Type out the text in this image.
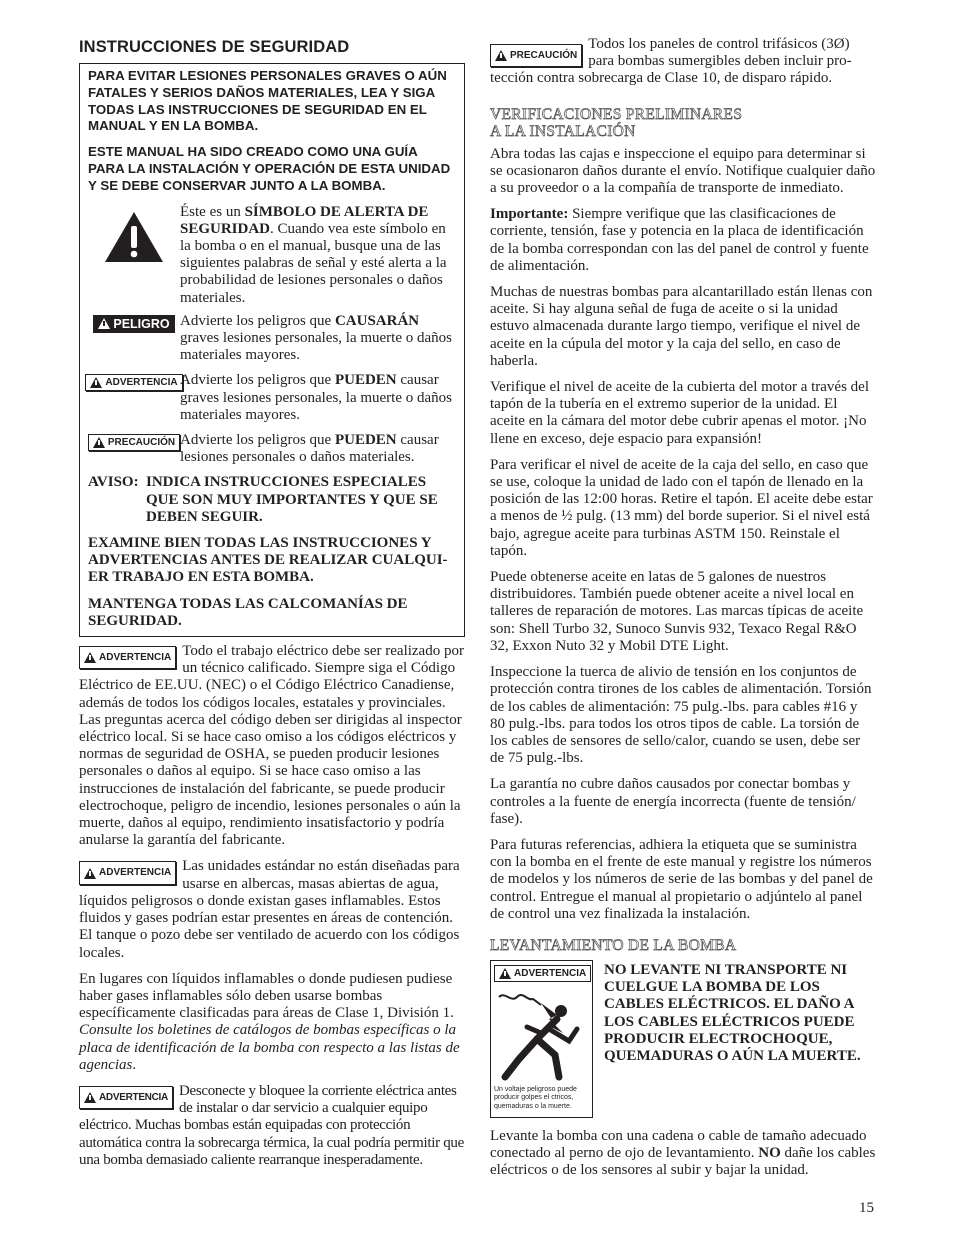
INSTRUCCIONES DE SEGURIDAD

PARA EVITAR LESIONES PERSONALES GRAVES O AÚN FATALES Y SERIOS DAÑOS MATERIALES, LEA Y SIGA TODAS LAS INSTRUCCIONES DE SEGURIDAD EN EL MANUAL Y EN LA BOMBA.

ESTE MANUAL HA SIDO CREADO COMO UNA GUÍA PARA LA INSTALACIÓN Y OPERACIÓN DE ESTA UNIDAD Y SE DEBE CONSERVAR JUNTO A LA BOMBA.

Éste es un SÍMBOLO DE ALERTA DE SEGURIDAD. Cuando vea este símbolo en la bomba o en el manual, busque una de las siguientes palabras de señal y esté alerta a la probabilidad de lesiones personales o daños materiales.
PELIGRO Advierte los peligros que CAUSARÁN graves lesiones personales, la muerte o daños materiales mayores.
ADVERTENCIA Advierte los peligros que PUEDEN causar graves lesiones personales, la muerte o daños materiales mayores.
PRECAUCIÓN Advierte los peligros que PUEDEN causar lesiones personales o daños materiales.
AVISO: INDICA INSTRUCCIONES ESPECIALES QUE SON MUY IMPORTANTES Y QUE SE DEBEN SEGUIR.

EXAMINE BIEN TODAS LAS INSTRUCCIONES Y ADVERTENCIAS ANTES DE REALIZAR CUALQUIER TRABAJO EN ESTA BOMBA.

MANTENGA TODAS LAS CALCOMANÍAS DE SEGURIDAD.

ADVERTENCIA Todo el trabajo eléctrico debe ser realizado por un técnico calificado. Siempre siga el Código Eléctrico de EE.UU. (NEC) o el Código Eléctrico Canadiense, además de todos los códigos locales, estatales y provinciales. Las preguntas acerca del código deben ser dirigidas al inspector eléctrico local. Si se hace caso omiso a los códigos eléctricos y normas de seguridad de OSHA, se pueden producir lesiones personales o daños al equipo. Si se hace caso omiso a las instrucciones de instalación del fabricante, se puede producir electrochoque, peligro de incendio, lesiones personales o aún la muerte, daños al equipo, rendimiento insatisfactorio y podría anularse la garantía del fabricante.

ADVERTENCIA Las unidades estándar no están diseñadas para usarse en albercas, masas abiertas de agua, líquidos peligrosos o donde existan gases inflamables. Estos fluidos y gases podrían estar presentes en áreas de contención. El tanque o pozo debe ser ventilado de acuerdo con los códigos locales.

En lugares con líquidos inflamables o donde pudiesen pudiese haber gases inflamables sólo deben usarse bombas específicamente clasificadas para áreas de Clase 1, División 1. Consulte los boletines de catálogos de bombas específicas o la placa de identificación de la bomba con respecto a las listas de agencias.

ADVERTENCIA Desconecte y bloquee la corriente eléctrica antes de instalar o dar servicio a cualquier equipo eléctrico. Muchas bombas están equipadas con protección automática contra la sobrecarga térmica, la cual podría permitir que una bomba demasiado caliente rearranque inesperadamente.

PRECAUCIÓN
Todos los paneles de control trifásicos (3Ø) para bombas sumergibles deben incluir protección contra sobrecarga de Clase 10, de disparo rápido.

VERIFICACIONES PRELIMINARES
A LA INSTALACIÓN

Abra todas las cajas e inspeccione el equipo para determinar si se ocasionaron daños durante el envío. Notifique cualquier daño a su proveedor o a la compañía de transporte de inmediato.

Importante: Siempre verifique que las clasificaciones de corriente, tensión, fase y potencia en la placa de identificación de la bomba correspondan con las del panel de control y fuente de alimentación.

Muchas de nuestras bombas para alcantarillado están llenas con aceite. Si hay alguna señal de fuga de aceite o si la unidad estuvo almacenada durante largo tiempo, verifique el nivel de aceite en la cúpula del motor y la caja del sello, en caso de haberla.

Verifique el nivel de aceite de la cubierta del motor a través del tapón de la tubería en el extremo superior de la unidad. El aceite en la cámara del motor debe cubrir apenas el motor. ¡No llene en exceso, deje espacio para expansión!

Para verificar el nivel de aceite de la caja del sello, en caso que se use, coloque la unidad de lado con el tapón de llenado en la posición de las 12:00 horas. Retire el tapón. El aceite debe estar a menos de ½ pulg. (13 mm) del borde superior. Si el nivel está bajo, agregue aceite para turbinas ASTM 150. Reinstale el tapón.

Puede obtenerse aceite en latas de 5 galones de nuestros distribuidores. También puede obtener aceite a nivel local en talleres de reparación de motores. Las marcas típicas de aceite son: Shell Turbo 32, Sunoco Sunvis 932, Texaco Regal R&O 32, Exxon Nuto 32 y Mobil DTE Light.

Inspeccione la tuerca de alivio de tensión en los conjuntos de protección contra tirones de los cables de alimentación. Torsión de los cables de alimentación: 75 pulg.-lbs. para cables #16 y 80 pulg.-lbs. para todos los otros tipos de cable. La torsión de los cables de sensores de sello/calor, cuando se usen, debe ser de 75 pulg.-lbs.

La garantía no cubre daños causados por conectar bombas y controles a la fuente de energía incorrecta (fuente de tensión/ fase).

Para futuras referencias, adhiera la etiqueta que se suministra con la bomba en el frente de este manual y registre los números de modelos y los números de serie de las bombas y del panel de control. Entregue el manual al propietario o adjúntelo al panel de control una vez finalizada la instalación.

LEVANTAMIENTO DE LA BOMBA
ADVERTENCIA
Un voltaje peligroso puede producir golpes el ctricos, quemaduras o la muerte.
NO LEVANTE NI TRANSPORTE NI CUELGUE LA BOMBA DE LOS CABLES ELÉCTRICOS. EL DAÑO A LOS CABLES ELÉCTRICOS PUEDE PRODUCIR ELECTROCHOQUE, QUEMADURAS O AÚN LA MUERTE.

Levante la bomba con una cadena o cable de tamaño adecuado conectado al perno de ojo de levantamiento. NO dañe los cables eléctricos o de los sensores al subir y bajar la unidad.

15
